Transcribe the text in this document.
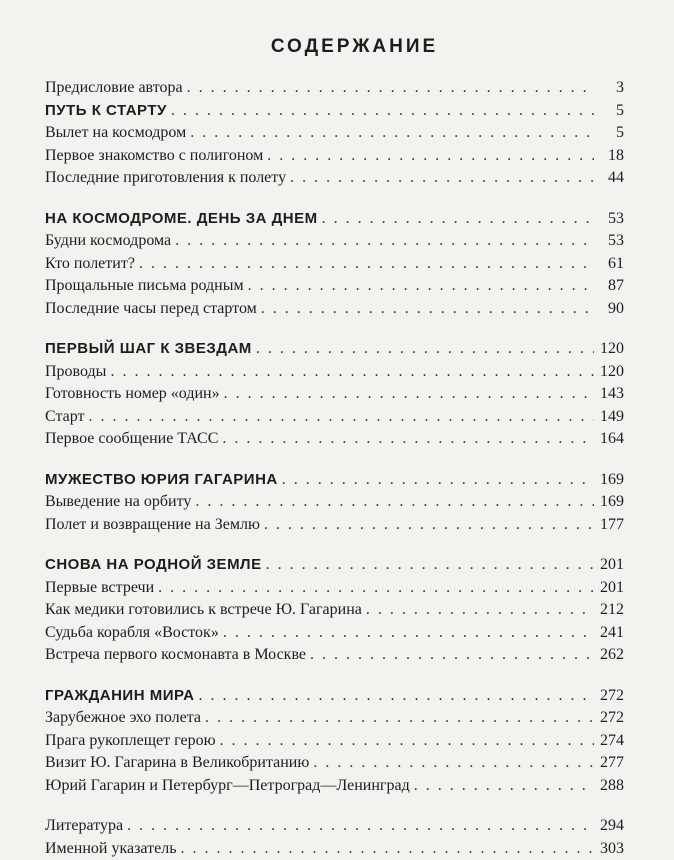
СОДЕРЖАНИЕ
Предисловие автора . . .	3
ПУТЬ К СТАРТУ . . .	5
Вылет на космодром . . .	5
Первое знакомство с полигоном . . .	18
Последние приготовления к полету . . .	44
НА КОСМОДРОМЕ. ДЕНЬ ЗА ДНЕМ . . .	53
Будни космодрома . . .	53
Кто полетит? . . .	61
Прощальные письма родным . . .	87
Последние часы перед стартом . . .	90
ПЕРВЫЙ ШАГ К ЗВЕЗДАМ . . .	120
Проводы . . .	120
Готовность номер «один» . . .	143
Старт . . .	149
Первое сообщение ТАСС . . .	164
МУЖЕСТВО ЮРИЯ ГАГАРИНА . . .	169
Выведение на орбиту . . .	169
Полет и возвращение на Землю . . .	177
СНОВА НА РОДНОЙ ЗЕМЛЕ . . .	201
Первые встречи . . .	201
Как медики готовились к встрече Ю. Гагарина . . .	212
Судьба корабля «Восток» . . .	241
Встреча первого космонавта в Москве . . .	262
ГРАЖДАНИН МИРА . . .	272
Зарубежное эхо полета . . .	272
Прага рукоплещет герою . . .	274
Визит Ю. Гагарина в Великобританию . . .	277
Юрий Гагарин и Петербург—Петроград—Ленинград . . .	288
Литература . . .	294
Именной указатель . . .	303
